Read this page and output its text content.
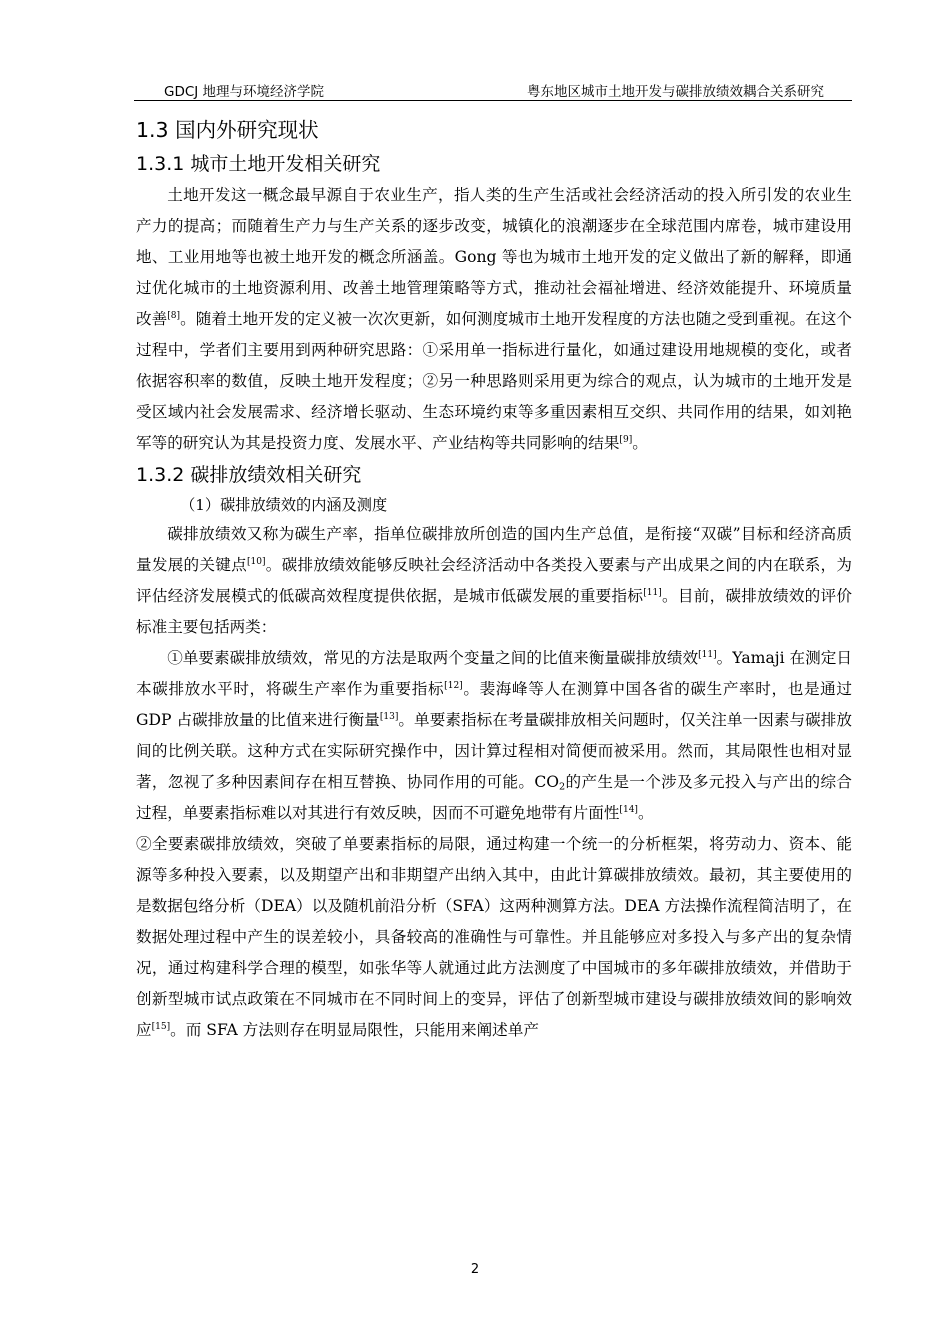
GDCJ 地理与环境经济学院	粤东地区城市土地开发与碳排放绩效耦合关系研究
1.3 国内外研究现状
1.3.1 城市土地开发相关研究

土地开发这一概念最早源自于农业生产，指人类的生产生活或社会经济活动的投入所引发的农业生产力的提高；而随着生产力与生产关系的逐步改变，城镇化的浪潮逐步在全球范围内席卷，城市建设用地、工业用地等也被土地开发的概念所涵盖。Gong 等也为城市土地开发的定义做出了新的解释，即通过优化城市的土地资源利用、改善土地管理策略等方式，推动社会福祉增进、经济效能提升、环境质量改善[8]。随着土地开发的定义被一次次更新，如何测度城市土地开发程度的方法也随之受到重视。在这个过程中，学者们主要用到两种研究思路：①采用单一指标进行量化，如通过建设用地规模的变化，或者依据容积率的数值，反映土地开发程度；②另一种思路则采用更为综合的观点，认为城市的土地开发是受区域内社会发展需求、经济增长驱动、生态环境约束等多重因素相互交织、共同作用的结果，如刘艳军等的研究认为其是投资力度、发展水平、产业结构等共同影响的结果[9]。

1.3.2 碳排放绩效相关研究

（1）碳排放绩效的内涵及测度

碳排放绩效又称为碳生产率，指单位碳排放所创造的国内生产总值，是衔接“双碳”目标和经济高质量发展的关键点[10]。碳排放绩效能够反映社会经济活动中各类投入要素与产出成果之间的内在联系，为评估经济发展模式的低碳高效程度提供依据，是城市低碳发展的重要指标[11]。目前，碳排放绩效的评价标准主要包括两类：

①单要素碳排放绩效，常见的方法是取两个变量之间的比值来衡量碳排放绩效[11]。Yamaji 在测定日本碳排放水平时，将碳生产率作为重要指标[12]。裴海峰等人在测算中国各省的碳生产率时，也是通过 GDP 占碳排放量的比值来进行衡量[13]。单要素指标在考量碳排放相关问题时，仅关注单一因素与碳排放间的比例关联。这种方式在实际研究操作中，因计算过程相对简便而被采用。然而，其局限性也相对显著，忽视了多种因素间存在相互替换、协同作用的可能。$CO_2$的产生是一个涉及多元投入与产出的综合过程，单要素指标难以对其进行有效反映，因而不可避免地带有片面性[14]。

②全要素碳排放绩效，突破了单要素指标的局限，通过构建一个统一的分析框架，将劳动力、资本、能源等多种投入要素，以及期望产出和非期望产出纳入其中，由此计算碳排放绩效。最初，其主要使用的是数据包络分析（DEA）以及随机前沿分析（SFA）这两种测算方法。DEA 方法操作流程简洁明了，在数据处理过程中产生的误差较小，具备较高的准确性与可靠性。并且能够应对多投入与多产出的复杂情况，通过构建科学合理的模型，如张华等人就通过此方法测度了中国城市的多年碳排放绩效，并借助于创新型城市试点政策在不同城市在不同时间上的变异，评估了创新型城市建设与碳排放绩效间的影响效应[15]。而 SFA 方法则存在明显局限性，只能用来阐述单产

2
